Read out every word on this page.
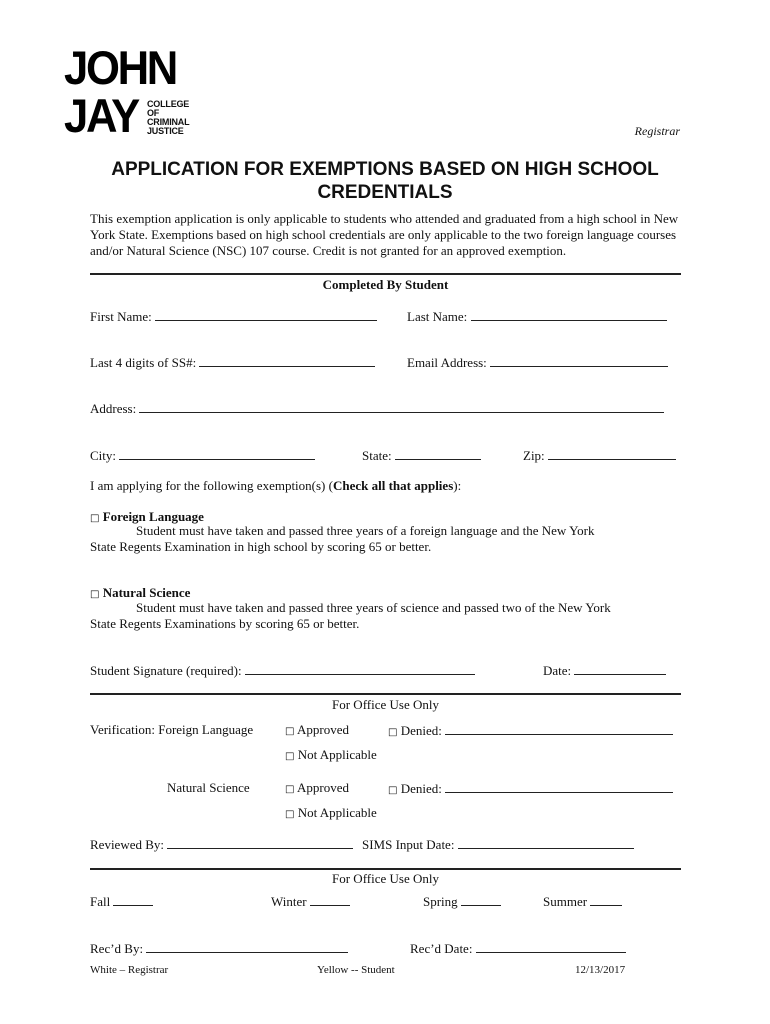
JOHN
JAY COLLEGE
OF
CRIMINAL
JUSTICE	Registrar
APPLICATION FOR EXEMPTIONS BASED ON HIGH SCHOOL
CREDENTIALS
This exemption application is only applicable to students who attended and graduated from a high school in New York State. Exemptions based on high school credentials are only applicable to the two foreign language courses and/or Natural Science (NSC) 107 course. Credit is not granted for an approved exemption.
Completed By Student
First Name:	Last Name:
Last 4 digits of SS#:	Email Address:
Address:
City:	State:	Zip:
I am applying for the following exemption(s) (Check all that applies):
□ Foreign Language
Student must have taken and passed three years of a foreign language and the New York
State Regents Examination in high school by scoring 65 or better.
□ Natural Science
Student must have taken and passed three years of science and passed two of the New York
State Regents Examinations by scoring 65 or better.
Student Signature (required):	Date:
For Office Use Only
Verification: Foreign Language	□ Approved	□ Denied:
□ Not Applicable
Natural Science	□ Approved	□ Denied:
□ Not Applicable
Reviewed By:	SIMS Input Date:
For Office Use Only
Fall	Winter	Spring	Summer
Rec’d By:	Rec’d Date:
White – Registrar	Yellow -- Student	12/13/2017
